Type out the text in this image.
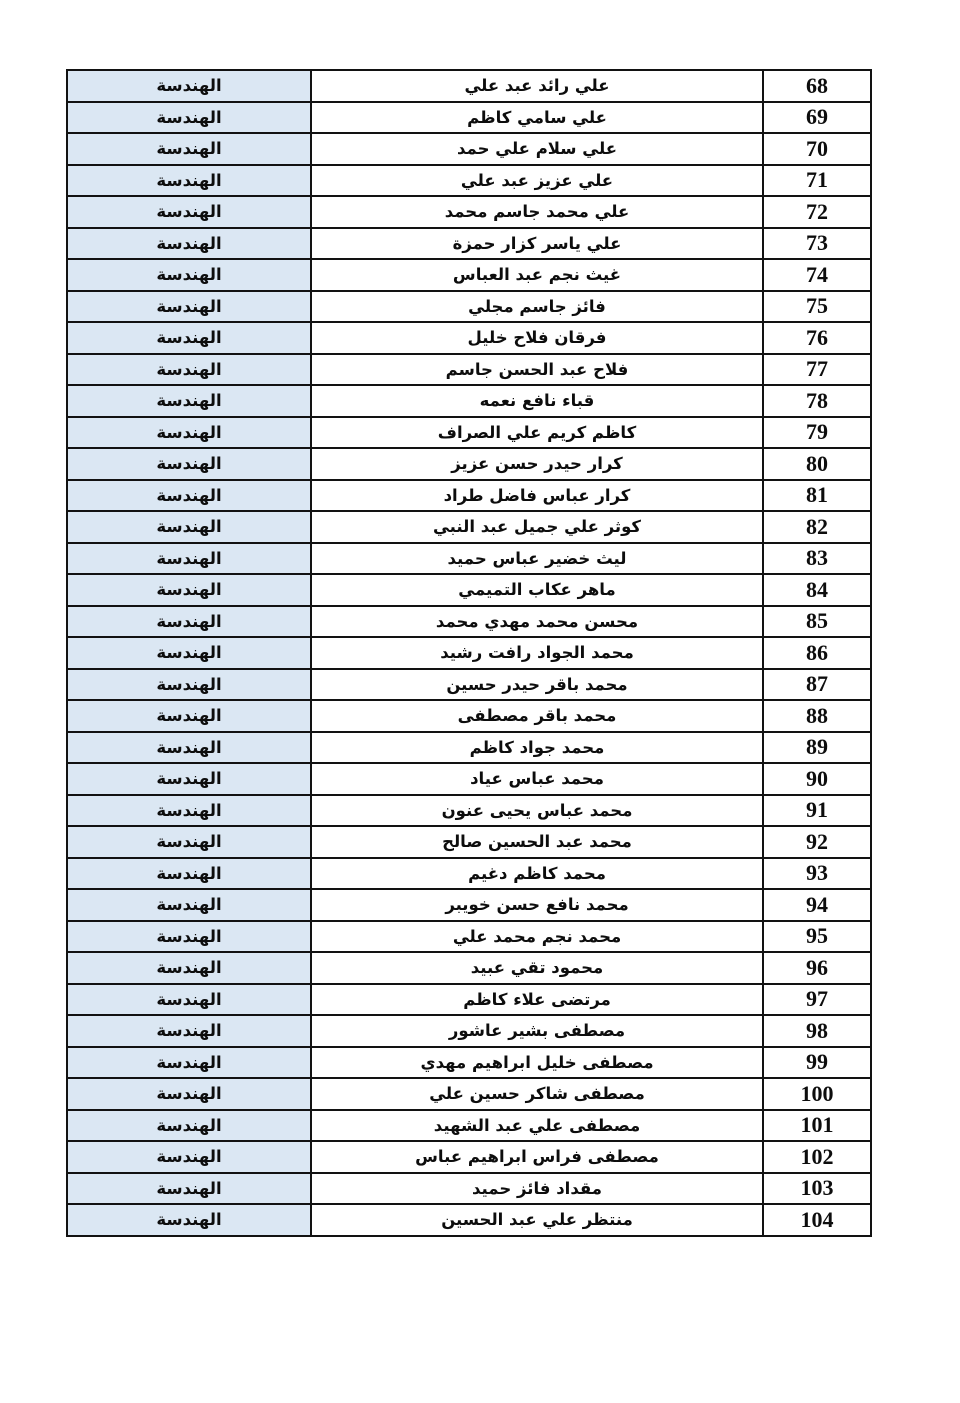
68	علي رائد عبد علي	الهندسة
69	علي سامي كاظم	الهندسة
70	علي سلام علي حمد	الهندسة
71	علي عزيز عبد علي	الهندسة
72	علي محمد جاسم محمد	الهندسة
73	علي ياسر كزار حمزة	الهندسة
74	غيث نجم عبد العباس	الهندسة
75	فائز جاسم مجلي	الهندسة
76	فرقان فلاح خليل	الهندسة
77	فلاح عبد الحسن جاسم	الهندسة
78	قباء نافع نعمه	الهندسة
79	كاظم كريم علي الصراف	الهندسة
80	كرار حيدر حسن عزيز	الهندسة
81	كرار عباس فاضل طراد	الهندسة
82	كوثر علي جميل عبد النبي	الهندسة
83	ليث خضير عباس حميد	الهندسة
84	ماهر عكاب التميمي	الهندسة
85	محسن محمد مهدي محمد	الهندسة
86	محمد الجواد رافت رشيد	الهندسة
87	محمد باقر حيدر حسين	الهندسة
88	محمد باقر مصطفى	الهندسة
89	محمد جواد كاظم	الهندسة
90	محمد عباس عياد	الهندسة
91	محمد عباس يحيى عنون	الهندسة
92	محمد عبد الحسين صالح	الهندسة
93	محمد كاظم دغيم	الهندسة
94	محمد نافع حسن خويبر	الهندسة
95	محمد نجم محمد علي	الهندسة
96	محمود تقي عبيد	الهندسة
97	مرتضى علاء كاظم	الهندسة
98	مصطفى بشير عاشور	الهندسة
99	مصطفى خليل ابراهيم مهدي	الهندسة
100	مصطفى شاكر حسين علي	الهندسة
101	مصطفى علي عبد الشهيد	الهندسة
102	مصطفى فراس ابراهيم عباس	الهندسة
103	مقداد فائز حميد	الهندسة
104	منتظر علي عبد الحسين	الهندسة
